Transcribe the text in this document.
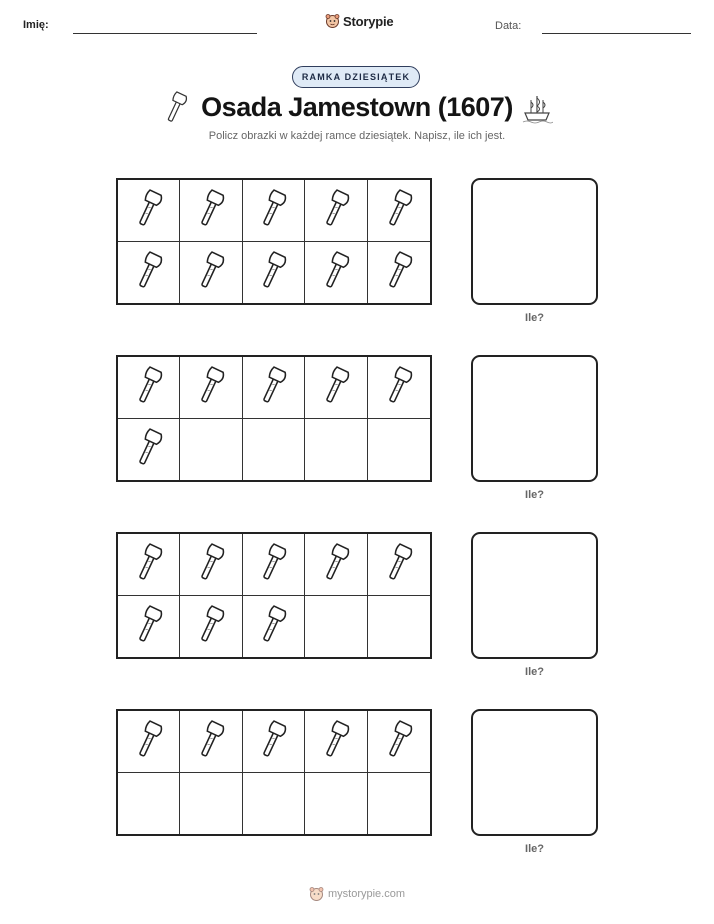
Imię:	Storypie	Data:
RAMKA DZIESIĄTEK
Osada Jamestown (1607)
Policz obrazki w każdej ramce dziesiątek. Napisz, ile ich jest.
Ile?
Ile?
Ile?
Ile?
mystorypie.com
